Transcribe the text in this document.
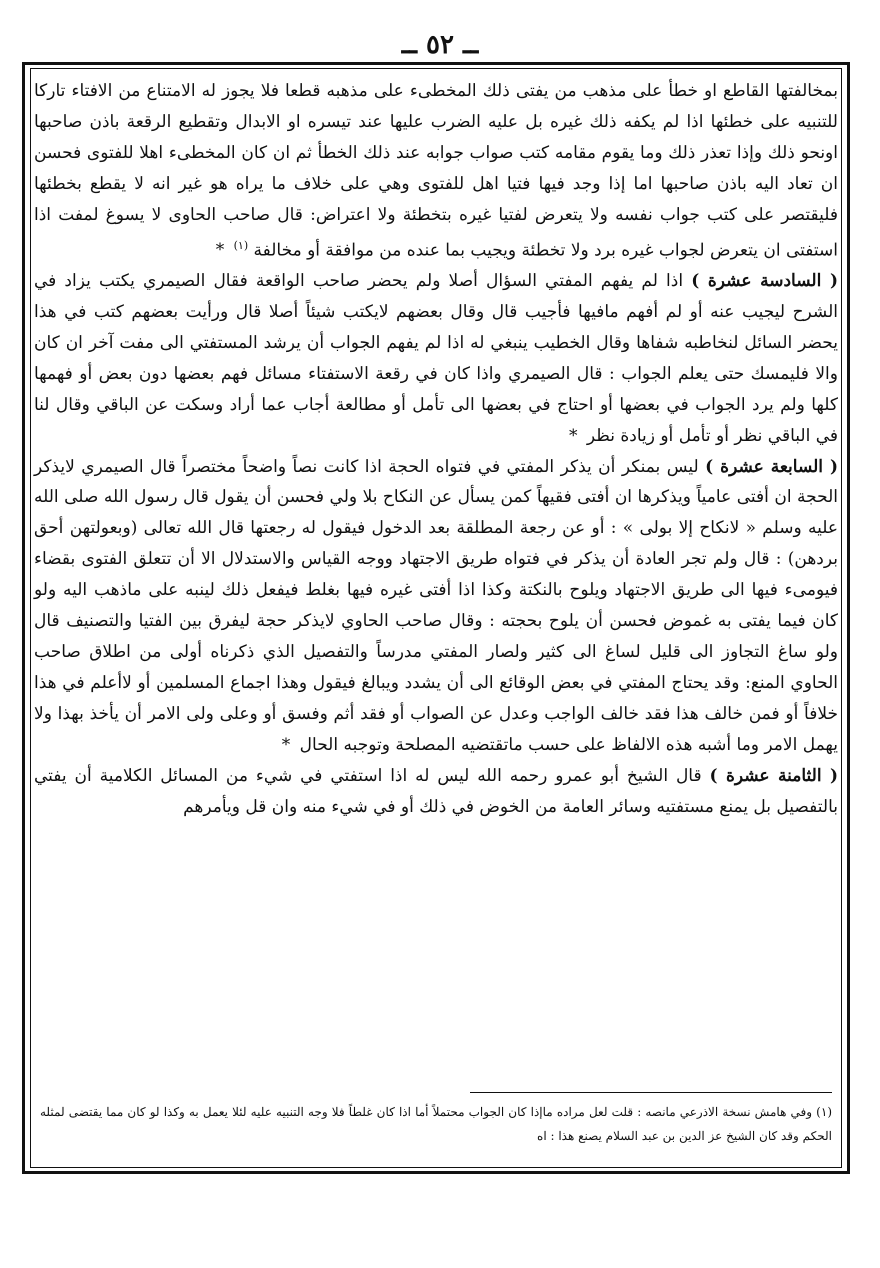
ــ ٥٢ ــ

بمخالفتها القاطع او خطأ على مذهب من يفتى ذلك المخطىء على مذهبه قطعا فلا يجوز له الامتناع من الافتاء تاركا للتنبيه على خطئها اذا لم يكفه ذلك غيره بل عليه الضرب عليها عند تيسره او الابدال وتقطيع الرقعة باذن صاحبها اونحو ذلك وإذا تعذر ذلك وما يقوم مقامه كتب صواب جوابه عند ذلك الخطأ ثم ان كان المخطىء اهلا للفتوى فحسن ان تعاد اليه باذن صاحبها اما إذا وجد فيها فتيا اهل للفتوى وهي على خلاف ما يراه هو غير انه لا يقطع بخطئها فليقتصر على كتب جواب نفسه ولا يتعرض لفتيا غيره بتخطئة ولا اعتراض: قال صاحب الحاوى لا يسوغ لمفت اذا استفتى ان يتعرض لجواب غيره برد ولا تخطئة ويجيب بما عنده من موافقة أو مخالفة $^{(١)}$ *

( السادسة عشرة ) اذا لم يفهم المفتي السؤال أصلا ولم يحضر صاحب الواقعة فقال الصيمري يكتب يزاد في الشرح ليجيب عنه أو لم أفهم مافيها فأجيب قال وقال بعضهم لايكتب شيئاً أصلا قال ورأيت بعضهم كتب في هذا يحضر السائل لنخاطبه شفاها وقال الخطيب ينبغي له اذا لم يفهم الجواب أن يرشد المستفتي الى مفت آخر ان كان والا فليمسك حتى يعلم الجواب : قال الصيمري واذا كان في رقعة الاستفتاء مسائل فهم بعضها دون بعض أو فهمها كلها ولم يرد الجواب في بعضها أو احتاج في بعضها الى تأمل أو مطالعة أجاب عما أراد وسكت عن الباقي وقال لنا في الباقي نظر أو تأمل أو زيادة نظر *

( السابعة عشرة ) ليس بمنكر أن يذكر المفتي في فتواه الحجة اذا كانت نصاً واضحاً مختصراً قال الصيمري لايذكر الحجة ان أفتى عامياً ويذكرها ان أفتى فقيهاً كمن يسأل عن النكاح بلا ولي فحسن أن يقول قال رسول الله صلى الله عليه وسلم « لانكاح إلا بولى » : أو عن رجعة المطلقة بعد الدخول فيقول له رجعتها قال الله تعالى (وبعولتهن أحق بردهن) : قال ولم تجر العادة أن يذكر في فتواه طريق الاجتهاد ووجه القياس والاستدلال الا أن تتعلق الفتوى بقضاء فيومىء فيها الى طريق الاجتهاد ويلوح بالنكتة وكذا اذا أفتى غيره فيها بغلط فيفعل ذلك لينبه على ماذهب اليه ولو كان فيما يفتى به غموض فحسن أن يلوح بحجته : وقال صاحب الحاوي لايذكر حجة ليفرق بين الفتيا والتصنيف قال ولو ساغ التجاوز الى قليل لساغ الى كثير ولصار المفتي مدرساً والتفصيل الذي ذكرناه أولى من اطلاق صاحب الحاوي المنع: وقد يحتاج المفتي في بعض الوقائع الى أن يشدد ويبالغ فيقول وهذا اجماع المسلمين أو لاأعلم في هذا خلافاً أو فمن خالف هذا فقد خالف الواجب وعدل عن الصواب أو فقد أثم وفسق أو وعلى ولى الامر أن يأخذ بهذا ولا يهمل الامر وما أشبه هذه الالفاظ على حسب ماتقتضيه المصلحة وتوجبه الحال *

( الثامنة عشرة ) قال الشيخ أبو عمرو رحمه الله ليس له اذا استفتي في شيء من المسائل الكلامية أن يفتي بالتفصيل بل يمنع مستفتيه وسائر العامة من الخوض في ذلك أو في شيء منه وان قل ويأمرهم

(١) وفي هامش نسخة الاذرعي مانصه : قلت لعل مراده ماإذا كان الجواب محتملاً أما اذا كان غلطاً فلا وجه التنبيه عليه لئلا يعمل به وكذا لو كان مما يقتضى لمثله الحكم وقد كان الشيخ عز الدين بن عبد السلام يصنع هذا : اه
